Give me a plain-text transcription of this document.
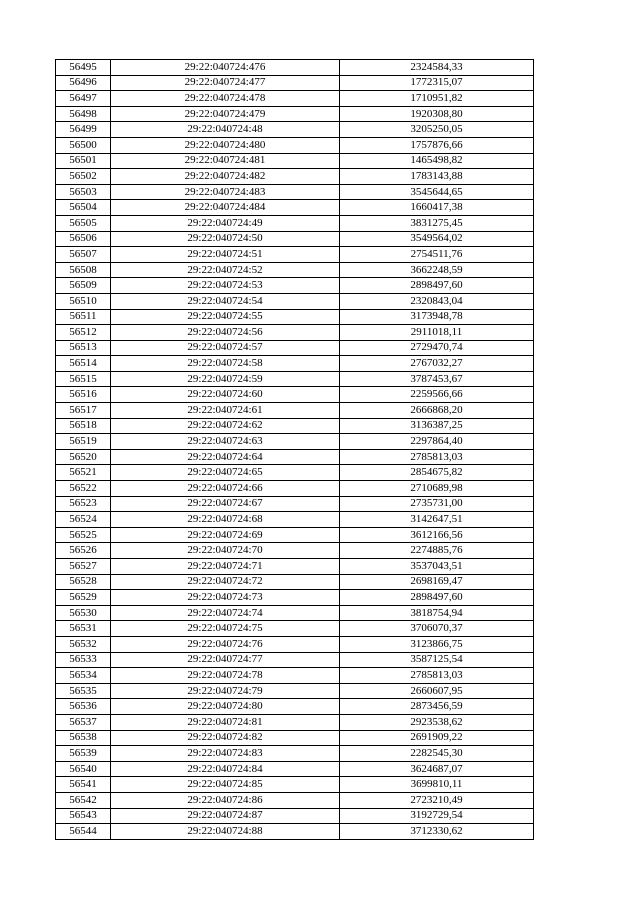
56495	29:22:040724:476	2324584,33
56496	29:22:040724:477	1772315,07
56497	29:22:040724:478	1710951,82
56498	29:22:040724:479	1920308,80
56499	29:22:040724:48	3205250,05
56500	29:22:040724:480	1757876,66
56501	29:22:040724:481	1465498,82
56502	29:22:040724:482	1783143,88
56503	29:22:040724:483	3545644,65
56504	29:22:040724:484	1660417,38
56505	29:22:040724:49	3831275,45
56506	29:22:040724:50	3549564,02
56507	29:22:040724:51	2754511,76
56508	29:22:040724:52	3662248,59
56509	29:22:040724:53	2898497,60
56510	29:22:040724:54	2320843,04
56511	29:22:040724:55	3173948,78
56512	29:22:040724:56	2911018,11
56513	29:22:040724:57	2729470,74
56514	29:22:040724:58	2767032,27
56515	29:22:040724:59	3787453,67
56516	29:22:040724:60	2259566,66
56517	29:22:040724:61	2666868,20
56518	29:22:040724:62	3136387,25
56519	29:22:040724:63	2297864,40
56520	29:22:040724:64	2785813,03
56521	29:22:040724:65	2854675,82
56522	29:22:040724:66	2710689,98
56523	29:22:040724:67	2735731,00
56524	29:22:040724:68	3142647,51
56525	29:22:040724:69	3612166,56
56526	29:22:040724:70	2274885,76
56527	29:22:040724:71	3537043,51
56528	29:22:040724:72	2698169,47
56529	29:22:040724:73	2898497,60
56530	29:22:040724:74	3818754,94
56531	29:22:040724:75	3706070,37
56532	29:22:040724:76	3123866,75
56533	29:22:040724:77	3587125,54
56534	29:22:040724:78	2785813,03
56535	29:22:040724:79	2660607,95
56536	29:22:040724:80	2873456,59
56537	29:22:040724:81	2923538,62
56538	29:22:040724:82	2691909,22
56539	29:22:040724:83	2282545,30
56540	29:22:040724:84	3624687,07
56541	29:22:040724:85	3699810,11
56542	29:22:040724:86	2723210,49
56543	29:22:040724:87	3192729,54
56544	29:22:040724:88	3712330,62
